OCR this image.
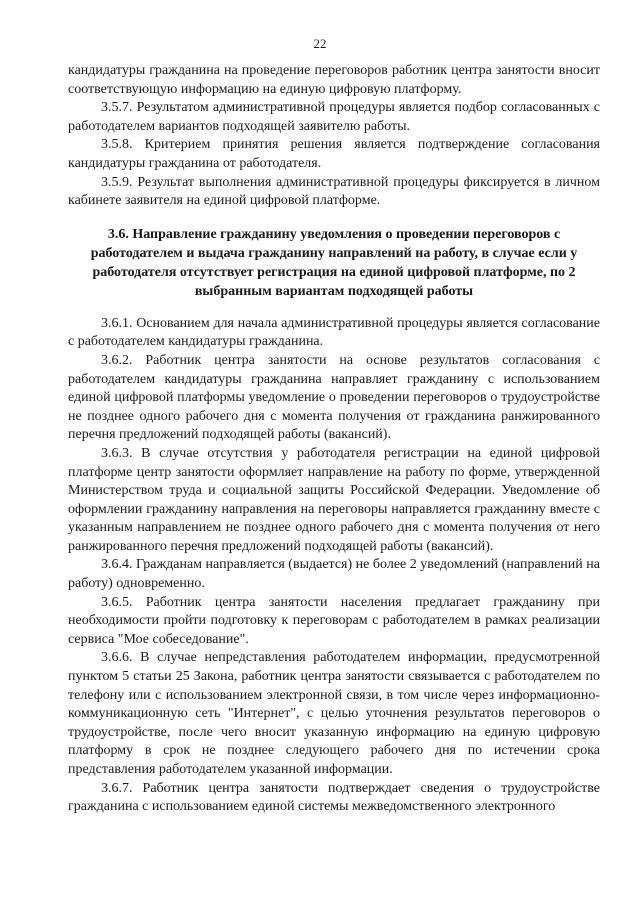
22

кандидатуры гражданина на проведение переговоров работник центра занятости вносит соответствующую информацию на единую цифровую платформу.

3.5.7. Результатом административной процедуры является подбор согласованных с работодателем вариантов подходящей заявителю работы.

3.5.8. Критерием принятия решения является подтверждение согласования кандидатуры гражданина от работодателя.

3.5.9. Результат выполнения административной процедуры фиксируется в личном кабинете заявителя на единой цифровой платформе.

3.6. Направление гражданину уведомления о проведении переговоров с работодателем и выдача гражданину направлений на работу, в случае если у работодателя отсутствует регистрация на единой цифровой платформе, по 2 выбранным вариантам подходящей работы

3.6.1. Основанием для начала административной процедуры является согласование с работодателем кандидатуры гражданина.

3.6.2. Работник центра занятости на основе результатов согласования с работодателем кандидатуры гражданина направляет гражданину с использованием единой цифровой платформы уведомление о проведении переговоров о трудоустройстве не позднее одного рабочего дня с момента получения от гражданина ранжированного перечня предложений подходящей работы (вакансий).

3.6.3. В случае отсутствия у работодателя регистрации на единой цифровой платформе центр занятости оформляет направление на работу по форме, утвержденной Министерством труда и социальной защиты Российской Федерации. Уведомление об оформлении гражданину направления на переговоры направляется гражданину вместе с указанным направлением не позднее одного рабочего дня с момента получения от него ранжированного перечня предложений подходящей работы (вакансий).

3.6.4. Гражданам направляется (выдается) не более 2 уведомлений (направлений на работу) одновременно.

3.6.5. Работник центра занятости населения предлагает гражданину при необходимости пройти подготовку к переговорам с работодателем в рамках реализации сервиса "Мое собеседование".

3.6.6. В случае непредставления работодателем информации, предусмотренной пунктом 5 статьи 25 Закона, работник центра занятости связывается с работодателем по телефону или с использованием электронной связи, в том числе через информационно-коммуникационную сеть "Интернет", с целью уточнения результатов переговоров о трудоустройстве, после чего вносит указанную информацию на единую цифровую платформу в срок не позднее следующего рабочего дня по истечении срока представления работодателем указанной информации.

3.6.7. Работник центра занятости подтверждает сведения о трудоустройстве гражданина с использованием единой системы межведомственного электронного
